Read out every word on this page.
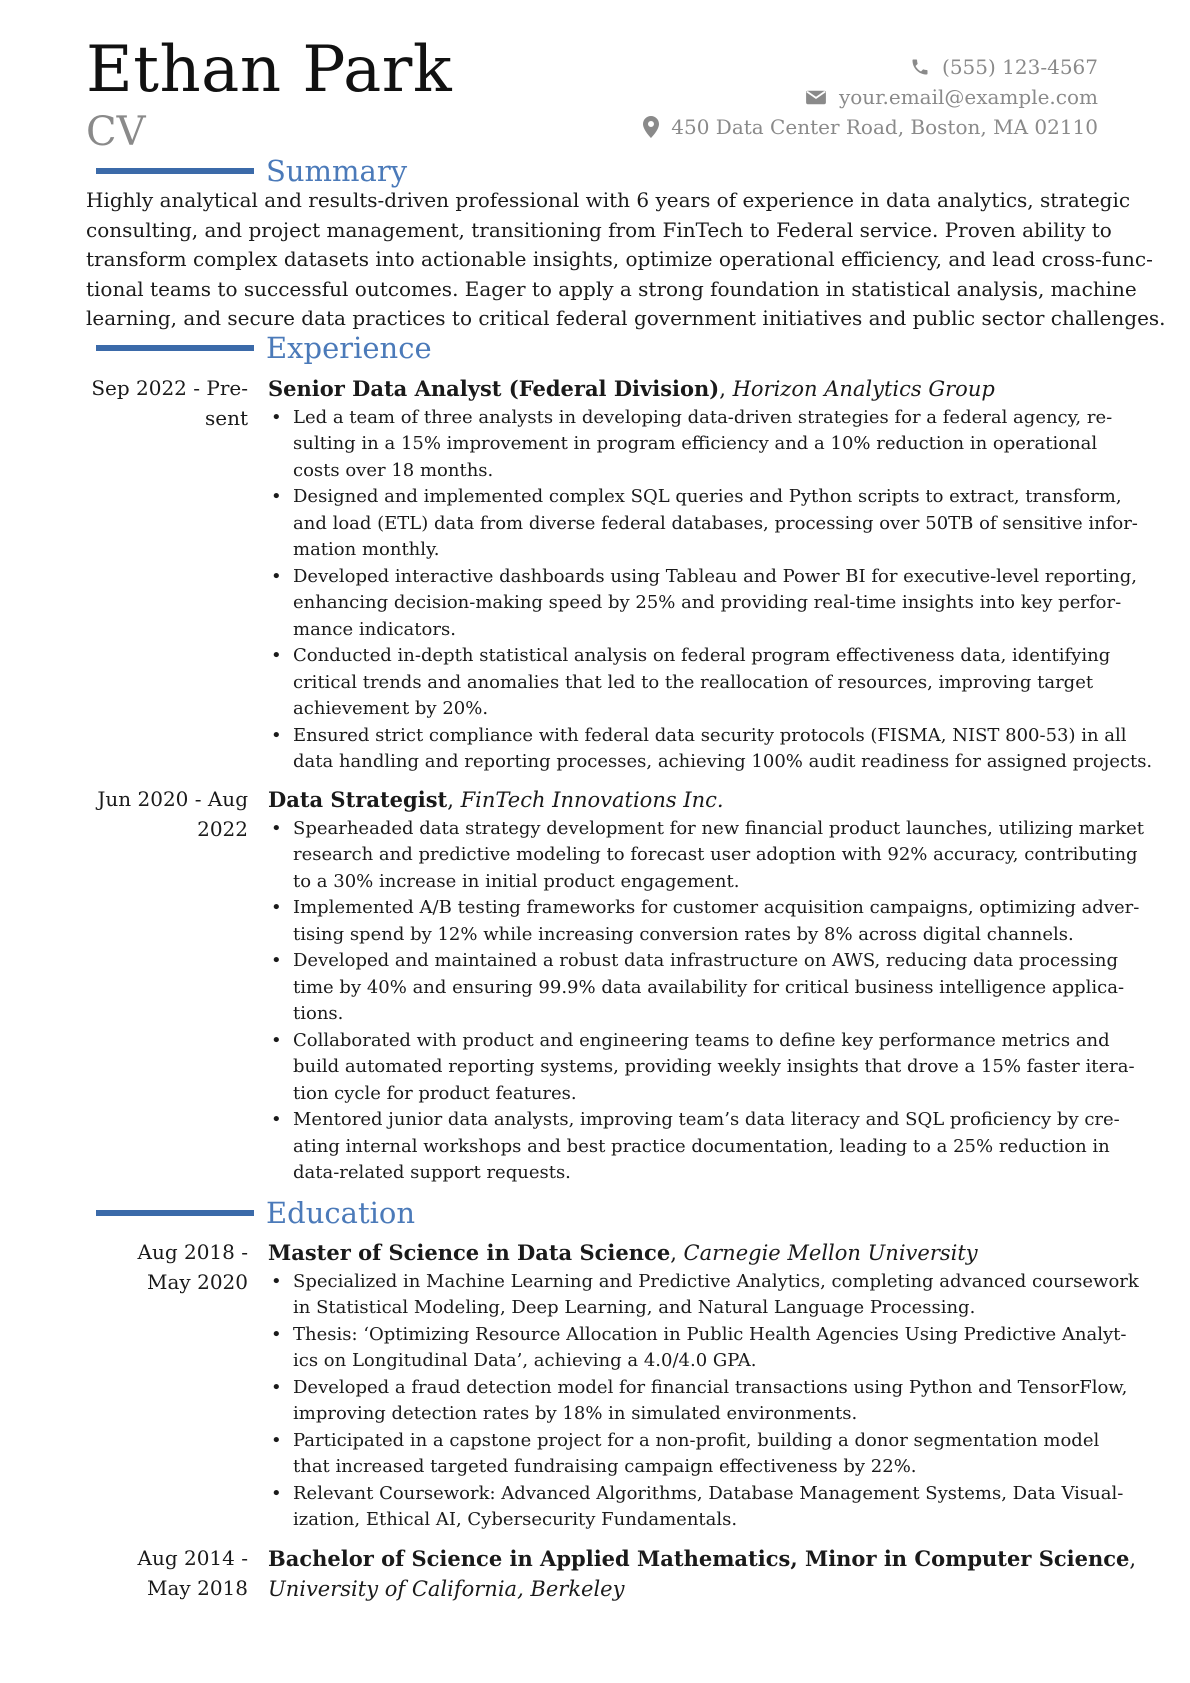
Ethan Park
CV
(555) 123-4567
your.email@example.com
450 Data Center Road, Boston, MA 02110
Summary
Highly analytical and results-driven professional with 6 years of experience in data analytics, strategic
consulting, and project management, transitioning from FinTech to Federal service. Proven ability to
transform complex datasets into actionable insights, optimize operational efficiency, and lead cross-func-
tional teams to successful outcomes. Eager to apply a strong foundation in statistical analysis, machine
learning, and secure data practices to critical federal government initiatives and public sector challenges.
Experience
Sep 2022 - Pre-
sent
Senior Data Analyst (Federal Division), Horizon Analytics Group
• Led a team of three analysts in developing data-driven strategies for a federal agency, re-
sulting in a 15% improvement in program efficiency and a 10% reduction in operational
costs over 18 months.
• Designed and implemented complex SQL queries and Python scripts to extract, transform,
and load (ETL) data from diverse federal databases, processing over 50TB of sensitive infor-
mation monthly.
• Developed interactive dashboards using Tableau and Power BI for executive-level reporting,
enhancing decision-making speed by 25% and providing real-time insights into key perfor-
mance indicators.
• Conducted in-depth statistical analysis on federal program effectiveness data, identifying
critical trends and anomalies that led to the reallocation of resources, improving target
achievement by 20%.
• Ensured strict compliance with federal data security protocols (FISMA, NIST 800-53) in all
data handling and reporting processes, achieving 100% audit readiness for assigned projects.
Jun 2020 - Aug
2022
Data Strategist, FinTech Innovations Inc.
• Spearheaded data strategy development for new financial product launches, utilizing market
research and predictive modeling to forecast user adoption with 92% accuracy, contributing
to a 30% increase in initial product engagement.
• Implemented A/B testing frameworks for customer acquisition campaigns, optimizing adver-
tising spend by 12% while increasing conversion rates by 8% across digital channels.
• Developed and maintained a robust data infrastructure on AWS, reducing data processing
time by 40% and ensuring 99.9% data availability for critical business intelligence applica-
tions.
• Collaborated with product and engineering teams to define key performance metrics and
build automated reporting systems, providing weekly insights that drove a 15% faster itera-
tion cycle for product features.
• Mentored junior data analysts, improving team’s data literacy and SQL proficiency by cre-
ating internal workshops and best practice documentation, leading to a 25% reduction in
data-related support requests.
Education
Aug 2018 -
May 2020
Master of Science in Data Science, Carnegie Mellon University
• Specialized in Machine Learning and Predictive Analytics, completing advanced coursework
in Statistical Modeling, Deep Learning, and Natural Language Processing.
• Thesis: ‘Optimizing Resource Allocation in Public Health Agencies Using Predictive Analyt-
ics on Longitudinal Data’, achieving a 4.0/4.0 GPA.
• Developed a fraud detection model for financial transactions using Python and TensorFlow,
improving detection rates by 18% in simulated environments.
• Participated in a capstone project for a non-profit, building a donor segmentation model
that increased targeted fundraising campaign effectiveness by 22%.
• Relevant Coursework: Advanced Algorithms, Database Management Systems, Data Visual-
ization, Ethical AI, Cybersecurity Fundamentals.
Aug 2014 -
May 2018
Bachelor of Science in Applied Mathematics, Minor in Computer Science,
University of California, Berkeley
